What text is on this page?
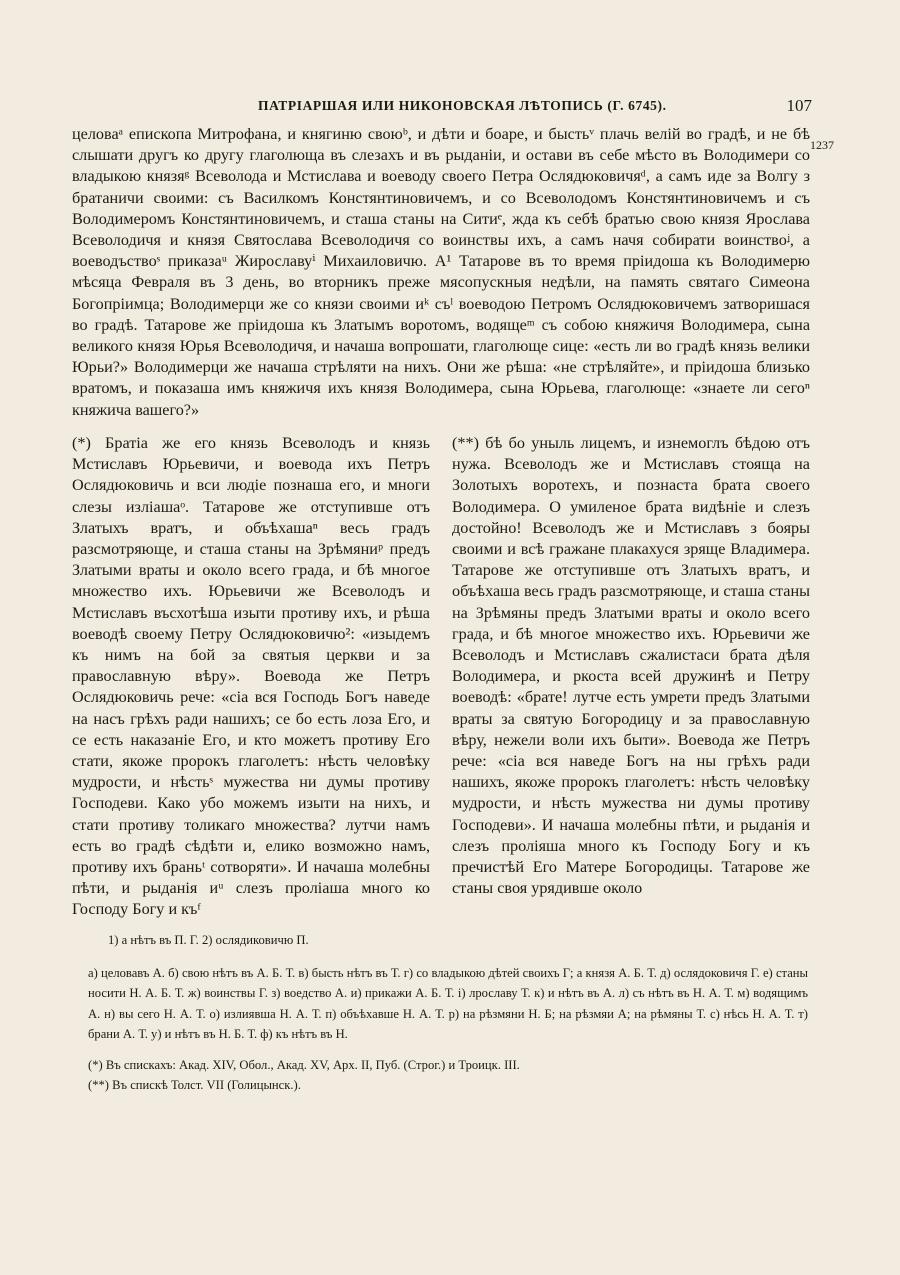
ПАТРІАРШАЯ ИЛИ НИКОНОВСКАЯ ЛѢТОПИСЬ (Г. 6745).	107
1237

целоваᵃ епископа Митрофана, и княгиню своюᵇ, и дѣти и боаре, и быстьᵛ плачь велій во градѣ, и не бѣ слышати другъ ко другу глаголюща въ слезахъ и въ рыданіи, и остави въ себе мѣсто въ Володимери со владыкою князяᵍ Всеволода и Мстислава и воеводу своего Петра Ослядюковичяᵈ, а самъ иде за Волгу з братаничи своими: съ Василкомъ Констянтиновичемъ, и со Всеволодомъ Констянтиновичемъ и съ Володимеромъ Констянтиновичемъ, и сташа станы на Ситиᵉ, жда къ себѣ братью свою князя Ярослава Всеволодичя и князя Святослава Всеволодичя со воинствы ихъ, а самъ начя собирати воинствоᶨ, а воеводъствоˢ приказаᵘ Жирославуⁱ Михаиловичю. А¹ Татарове въ то время пріидоша къ Володимерю мѣсяца Февраля въ 3 день, во вторникъ преже мясопускныя недѣли, на память святаго Симеона Богопріимца; Володимерци же со князи своими иᵏ съˡ воеводою Петромъ Ослядюковичемъ затворишася во градѣ. Татарове же пріидоша къ Златымъ воротомъ, водящеᵐ съ собою княжичя Володимера, сына великого князя Юрья Всеволодичя, и начаша вопрошати, глаголюще сице: «есть ли во градѣ князь велики Юрьи?» Володимерци же начаша стрѣляти на нихъ. Они же рѣша: «не стрѣляйте», и пріидоша близько вратомъ, и показаша имъ княжичя ихъ князя Володимера, сына Юрьева, глаголюще: «знаете ли сегоⁿ княжича вашего?»

(*) Братіа же его князь Всеволодъ и князь Мстиславъ Юрьевичи, и воевода ихъ Петръ Ослядюковичь и вси людіе познаша его, и многи слезы изліашаᵒ. Татарове же отступивше отъ Златыхъ вратъ, и объѣхашаⁿ весь градъ разсмотряюще, и сташа станы на Зрѣмяниᵖ предъ Златыми враты и около всего града, и бѣ многое множество ихъ. Юрьевичи же Всеволодъ и Мстиславъ въсхотѣша изыти противу ихъ, и рѣша воеводѣ своему Петру Ослядюковичю²: «изыдемъ къ нимъ на бой за святыя церкви и за православную вѣру». Воевода же Петръ Ослядюковичь рече: «сіа вся Господь Богъ наведе на насъ грѣхъ ради нашихъ; се бо есть лоза Его, и се есть наказаніе Его, и кто можетъ противу Его стати, якоже пророкъ глаголетъ: нѣсть человѣку мудрости, и нѣстьˢ мужества ни думы противу Господеви. Како убо можемъ изыти на нихъ, и стати противу толикаго множества? лутчи намъ есть во градѣ сѣдѣти и, елико возможно намъ, противу ихъ браньᵗ сотворяти». И начаша молебны пѣти, и рыданія иᵘ слезъ проліаша много ко Господу Богу и къᶠ

(**) бѣ бо уныль лицемъ, и изнемоглъ бѣдою отъ нужа. Всеволодъ же и Мстиславъ стояща на Золотыхъ воротехъ, и познаста брата своего Володимера. О умиленое брата видѣніе и слезъ достойно! Всеволодъ же и Мстиславъ з бояры своими и всѣ гражане плакахуся зряще Владимера. Татарове же отступивше отъ Златыхъ вратъ, и объѣхаша весь градъ разсмотряюще, и сташа станы на Зрѣмяны предъ Златыми враты и около всего града, и бѣ многое множество ихъ. Юрьевичи же Всеволодъ и Мстиславъ сжалистаси брата дѣля Володимера, и ркоста всей дружинѣ и Петру воеводѣ: «брате! лутче есть умрети предъ Златыми враты за святую Богородицу и за православную вѣру, нежели воли ихъ быти». Воевода же Петръ рече: «сіа вся наведе Богъ на ны грѣхъ ради нашихъ, якоже пророкъ глаголетъ: нѣсть человѣку мудрости, и нѣсть мужества ни думы противу Господеви». И начаша молебны пѣти, и рыданія и слезъ проліяша много къ Господу Богу и къ пречистѣй Его Матере Богородицы. Татарове же станы своя урядивше около

1) а нѣтъ въ П. Г. 2) ослядиковичю П.

а) целовавъ А. б) свою нѣтъ въ А. Б. Т. в) бысть нѣтъ въ Т. г) со владыкою дѣтей своихъ Г; а князя А. Б. Т. д) ослядоковичя Г. е) станы носити Н. А. Б. Т. ж) воинствы Г. з) воедство А. и) прикажи А. Б. Т. і) лрославу Т. к) и нѣтъ въ А. л) съ нѣтъ въ Н. А. Т. м) водящимъ А. н) вы сего Н. А. Т. о) излиявша Н. А. Т. п) объѣхавше Н. А. Т. р) на рѣзмяни Н. Б; на рѣзмяи А; на рѣмяны Т. с) нѣсь Н. А. Т. т) брани А. Т. у) и нѣтъ въ Н. Б. Т. ф) къ нѣтъ въ Н.

(*) Въ спискахъ: Акад. XIV, Обол., Акад. XV, Арх. II, Пуб. (Строг.) и Троицк. III.

(**) Въ спискѣ Толст. VII (Голицынск.).
